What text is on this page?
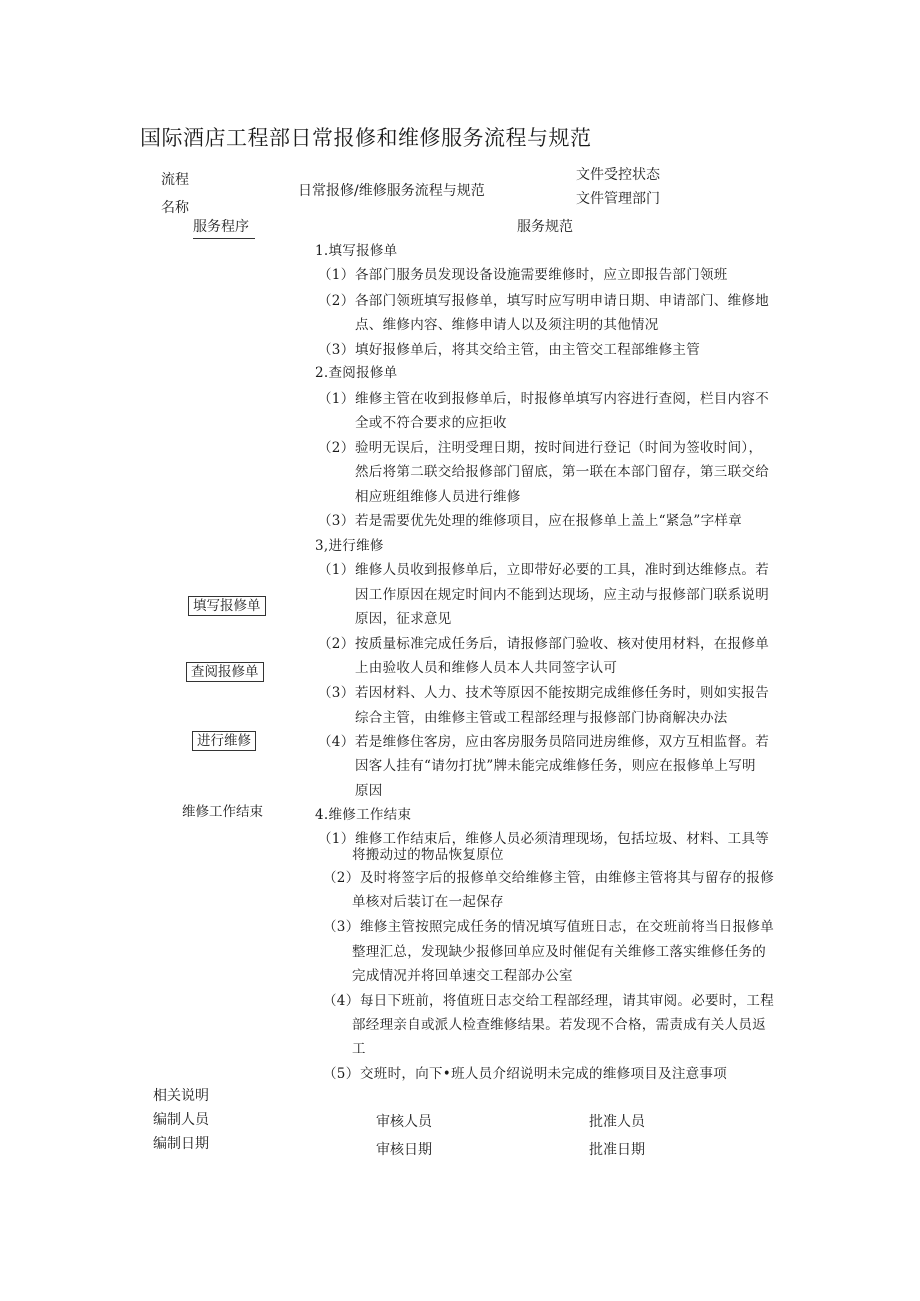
国际酒店工程部日常报修和维修服务流程与规范
流程
名称
日常报修/维修服务流程与规范
文件受控状态
文件管理部门
服务程序	服务规范
填写报修单
查阅报修单
进行维修
维修工作结束
1.填写报修单
（1） 各部门服务员发现设备设施需要维修时，应立即报告部门领班
（2） 各部门领班填写报修单，填写时应写明申请日期、申请部门、维修地
点、维修内容、维修申请人以及须注明的其他情况
（3） 填好报修单后，将其交给主管，由主管交工程部维修主管
2.查阅报修单
（1） 维修主管在收到报修单后，时报修单填写内容进行查阅，栏目内容不
全或不符合要求的应拒收
（2） 验明无误后，注明受理日期，按时间进行登记（时间为签收时间），
然后将第二联交给报修部门留底，第一联在本部门留存，第三联交给
相应班组维修人员进行维修
（3） 若是需要优先处理的维修项目，应在报修单上盖上“紧急”字样章
3,进行维修
（1） 维修人员收到报修单后，立即带好必要的工具，准时到达维修点。若
因工作原因在规定时间内不能到达现场，应主动与报修部门联系说明
原因，征求意见
（2） 按质量标准完成任务后，请报修部门验收、核对使用材料，在报修单
上由验收人员和维修人员本人共同签字认可
（3） 若因材料、人力、技术等原因不能按期完成维修任务时，则如实报告
综合主管，由维修主管或工程部经理与报修部门协商解决办法
（4） 若是维修住客房，应由客房服务员陪同进房维修，双方互相监督。若
因客人挂有“请勿打扰”牌未能完成维修任务，则应在报修单上写明
原因
4.维修工作结束
（1） 维修工作结束后，维修人员必须清理现场，包括垃圾、材料、工具等
将搬动过的物品恢复原位
（2） 及时将签字后的报修单交给维修主管，由维修主管将其与留存的报修
单核对后装订在一起保存
（3） 维修主管按照完成任务的情况填写值班日志，在交班前将当日报修单
整理汇总，发现缺少报修回单应及时催促有关维修工落实维修任务的
完成情况并将回单速交工程部办公室
（4） 每日下班前，将值班日志交给工程部经理，请其审阅。必要时，工程
部经理亲自或派人检查维修结果。若发现不合格，需责成有关人员返
工
（5） 交班时，向下•班人员介绍说明未完成的维修项目及注意事项
相关说明
编制人员
编制日期
审核人员
审核日期
批准人员
批准日期
